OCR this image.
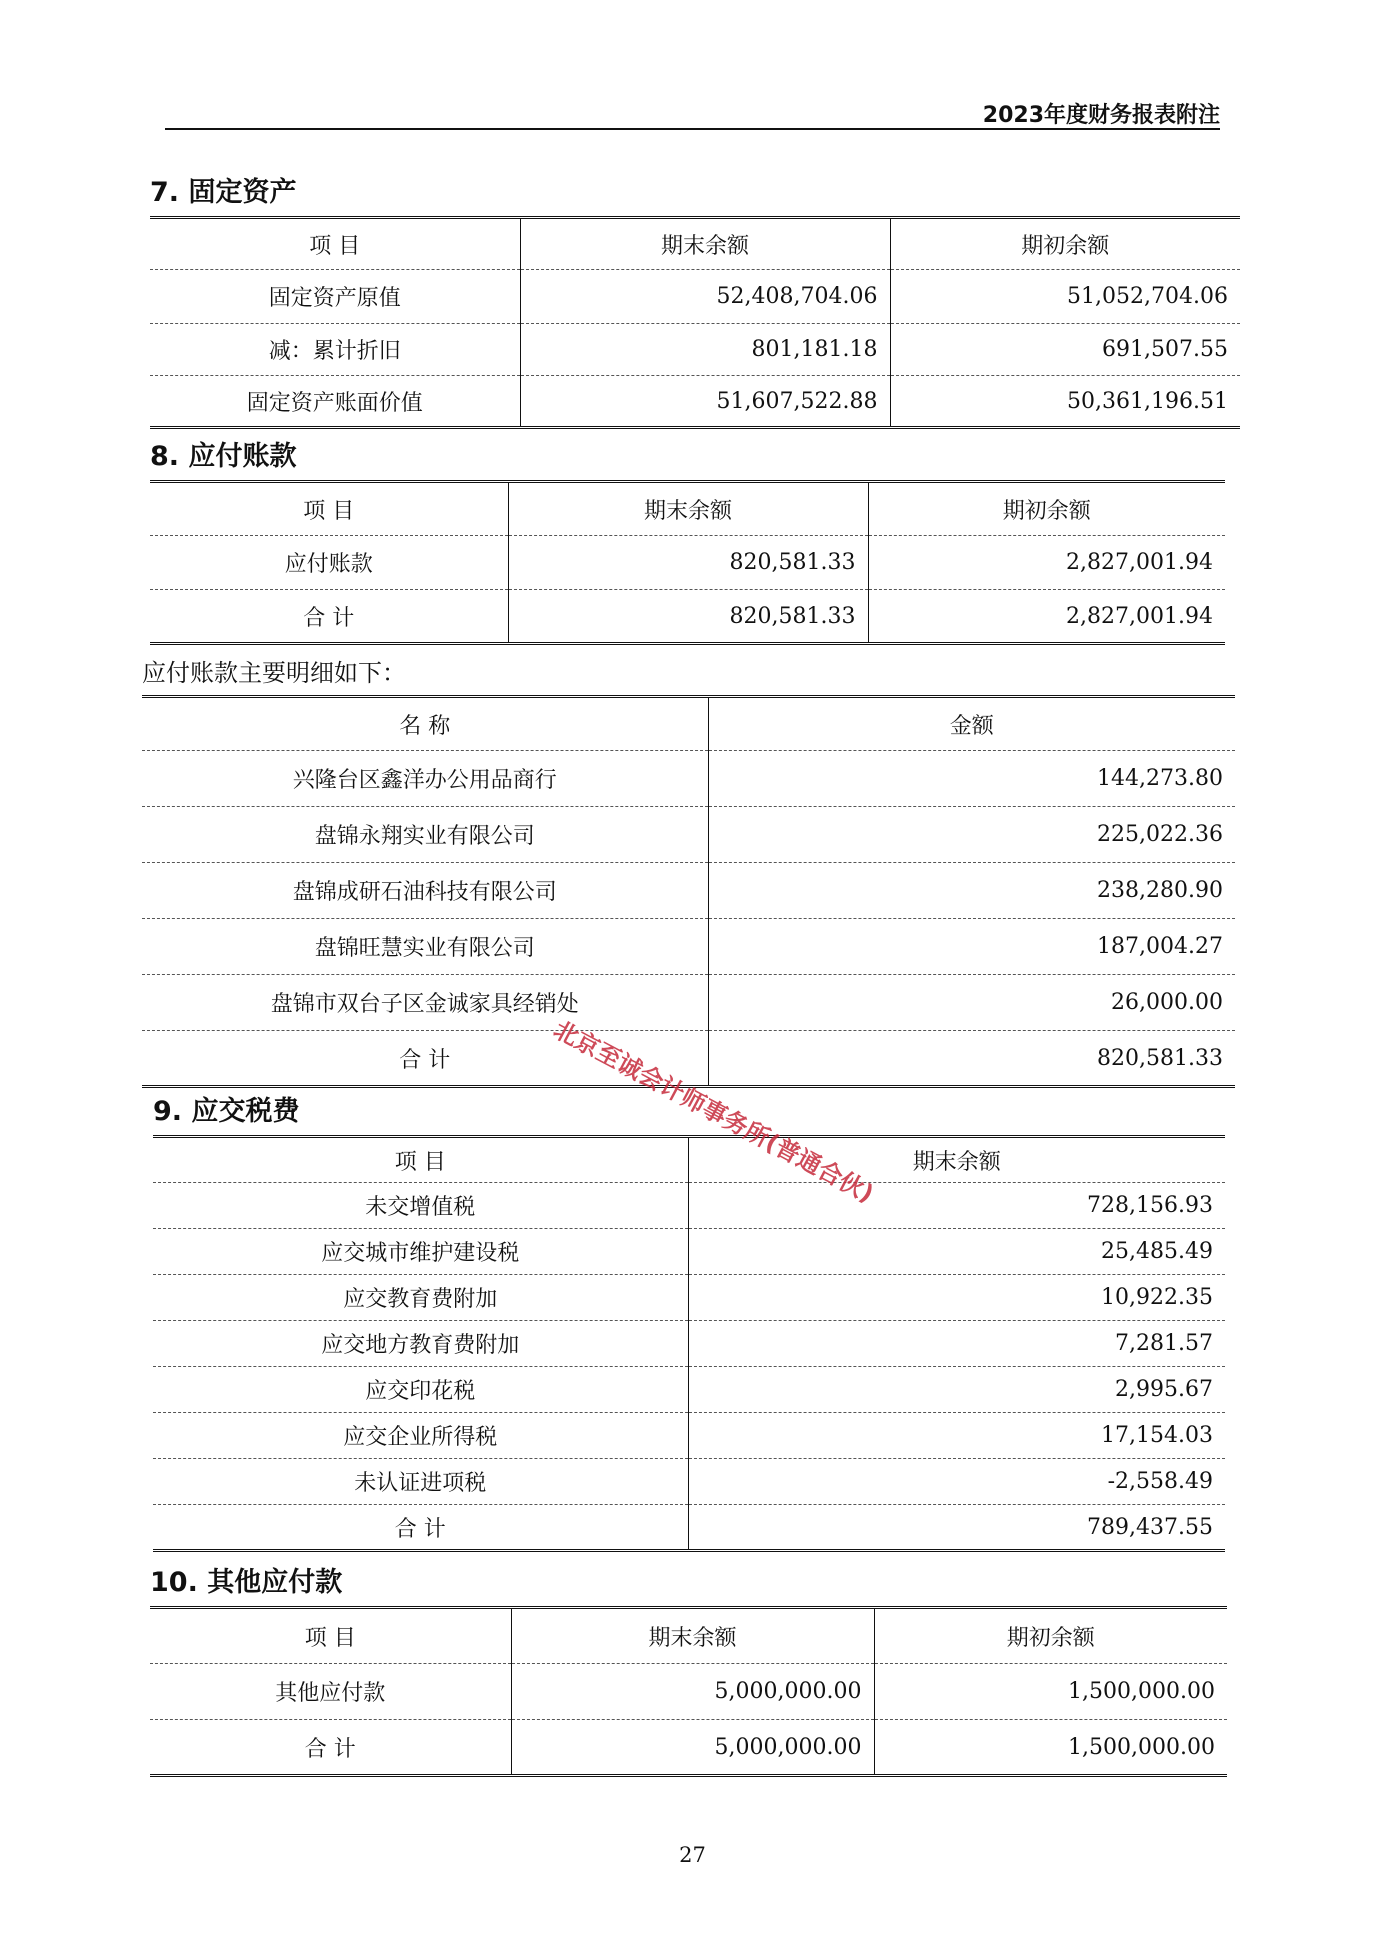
2023年度财务报表附注
7. 固定资产
项 目	期末余额	期初余额
固定资产原值	52,408,704.06	51,052,704.06
减：累计折旧	801,181.18	691,507.55
固定资产账面价值	51,607,522.88	50,361,196.51
8. 应付账款
项 目	期末余额	期初余额
应付账款	820,581.33	2,827,001.94
合 计	820,581.33	2,827,001.94
应付账款主要明细如下：
名 称	金额
兴隆台区鑫洋办公用品商行	144,273.80
盘锦永翔实业有限公司	225,022.36
盘锦成研石油科技有限公司	238,280.90
盘锦旺慧实业有限公司	187,004.27
盘锦市双台子区金诚家具经销处	26,000.00
合 计	820,581.33
9. 应交税费
项 目	期末余额
未交增值税	728,156.93
应交城市维护建设税	25,485.49
应交教育费附加	10,922.35
应交地方教育费附加	7,281.57
应交印花税	2,995.67
应交企业所得税	17,154.03
未认证进项税	-2,558.49
合 计	789,437.55
10. 其他应付款
项 目	期末余额	期初余额
其他应付款	5,000,000.00	1,500,000.00
合 计	5,000,000.00	1,500,000.00
北京至诚会计师事务所(普通合伙)
27
